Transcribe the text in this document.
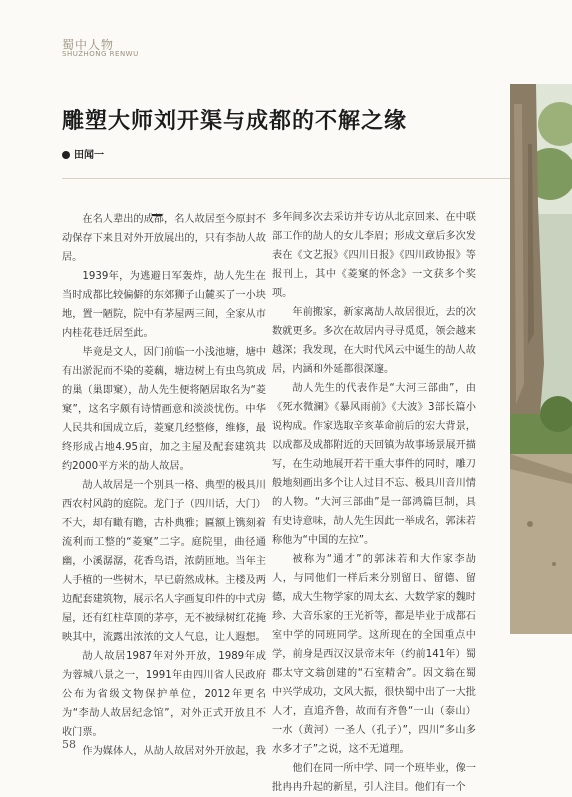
蜀中人物
SHUZHONG RENWU
雕塑大师刘开渠与成都的不解之缘
田闻一

在名人辈出的成都，名人故居至今原封不动保存下来且对外开放展出的，只有李劼人故居。

1939年，为逃避日军轰炸，劼人先生在当时成都比较偏僻的东郊狮子山麓买了一小块地，置一陋院，院中有茅屋两三间，全家从市内桂花巷迁居至此。

毕竟是文人，因门前临一小浅池塘，塘中有出淤泥而不染的菱藕，塘边树上有虫鸟筑成的巢（巢即窠），劼人先生便将陋居取名为“菱窠”，这名字颇有诗情画意和淡淡忧伤。中华人民共和国成立后，菱窠几经整修，维修，最终形成占地4.95亩，加之主屋及配套建筑共约2000平方米的劼人故居。

劼人故居是一个别具一格、典型的极具川西农村风韵的庭院。龙门子（四川话，大门）不大，却有瞰有瞻，古朴典雅；匾额上镌刻着流利而工整的“菱窠”二字。庭院里，曲径通幽，小溪潺潺，花香鸟语，浓荫匝地。当年主人手植的一些树木，早已蔚然成林。主楼及两边配套建筑物，展示名人字画复印件的中式房屋，还有红柱草顶的茅亭，无不被绿树红花掩映其中，流露出浓浓的文人气息，让人遐想。

劼人故居1987年对外开放，1989年成为蓉城八景之一，1991年由四川省人民政府公布为省级文物保护单位，2012年更名为“李劼人故居纪念馆”，对外正式开放且不收门票。

作为媒体人，从劼人故居对外开放起，我

多年间多次去采访并专访从北京回来、在中联部工作的劼人的女儿李眉；形成文章后多次发表在《文艺报》《四川日报》《四川政协报》等报刊上，其中《菱窠的怀念》一文获多个奖项。

年前搬家，新家离劼人故居很近，去的次数就更多。多次在故居内寻寻觅觅，领会越来越深；我发现，在大时代风云中诞生的劼人故居，内涵和外延都很深邃。

劼人先生的代表作是“大河三部曲”，由《死水微澜》《暴风雨前》《大波》3部长篇小说构成。作家选取辛亥革命前后的宏大背景，以成都及成都附近的天回镇为故事场景展开描写，在生动地展开若干重大事件的同时，雕刀般地刻画出多个让人过目不忘、极具川音川情的人物。“大河三部曲”是一部鸿篇巨制，具有史诗意味，劼人先生因此一举成名，郭沫若称他为“中国的左拉”。

被称为“通才”的郭沫若和大作家李劼人，与同他们一样后来分别留日、留德、留德，成大生物学家的周太玄、大数学家的魏时珍、大音乐家的王光祈等，都是毕业于成都石室中学的同班同学。这所现在的全国重点中学，前身是西汉汉景帝末年（约前141年）蜀郡太守文翁创建的“石室精舍”。因文翁在蜀中兴学成功，文风大振，很快蜀中出了一大批人才，直追齐鲁，故而有齐鲁“一山（泰山）一水（黄河）一圣人（孔子）”，四川“多山多水多才子”之说，这不无道理。

他们在同一所中学、同一个班毕业，像一批冉冉升起的新星，引人注目。他们有一个

58
